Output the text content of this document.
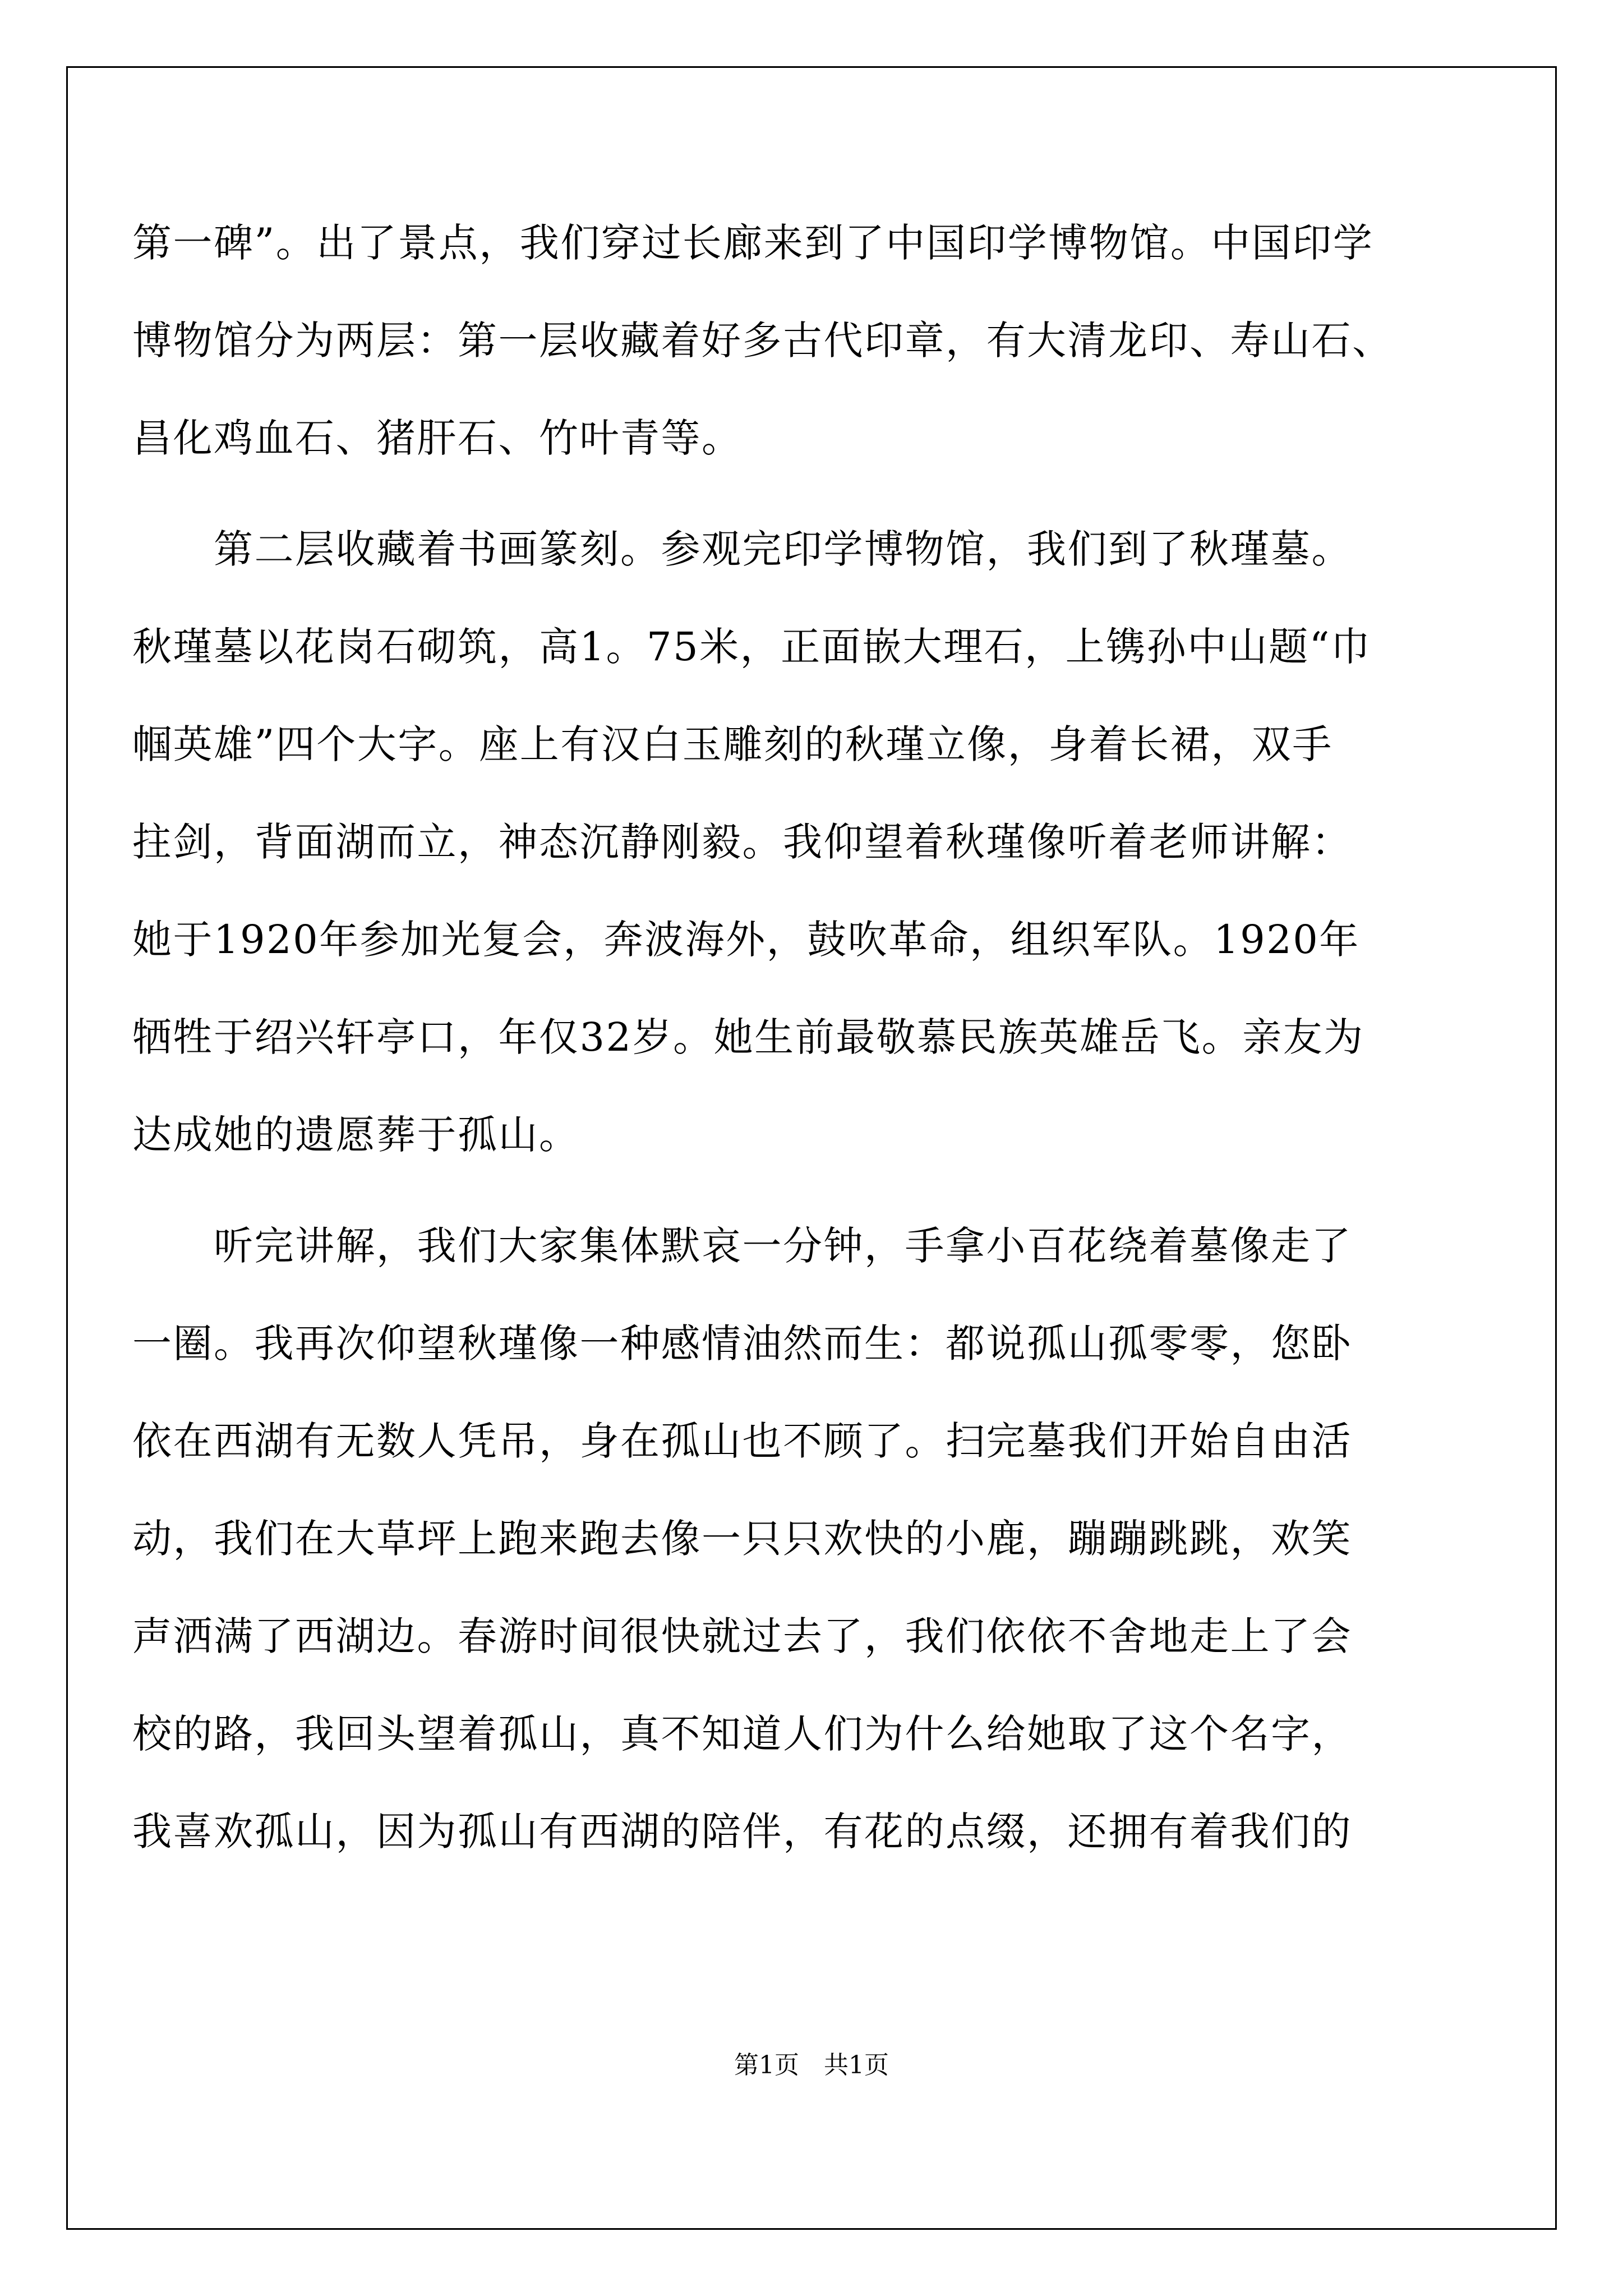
第一碑”。出了景点，我们穿过长廊来到了中国印学博物馆。中国印学
博物馆分为两层：第一层收藏着好多古代印章，有大清龙印、寿山石、
昌化鸡血石、猪肝石、竹叶青等。
　　第二层收藏着书画篆刻。参观完印学博物馆，我们到了秋瑾墓。
秋瑾墓以花岗石砌筑，高1。75米，正面嵌大理石，上镌孙中山题“巾
帼英雄”四个大字。座上有汉白玉雕刻的秋瑾立像，身着长裙，双手
拄剑，背面湖而立，神态沉静刚毅。我仰望着秋瑾像听着老师讲解：
她于1920年参加光复会，奔波海外，鼓吹革命，组织军队。1920年
牺牲于绍兴轩亭口，年仅32岁。她生前最敬慕民族英雄岳飞。亲友为
达成她的遗愿葬于孤山。
　　听完讲解，我们大家集体默哀一分钟，手拿小百花绕着墓像走了
一圈。我再次仰望秋瑾像一种感情油然而生：都说孤山孤零零，您卧
依在西湖有无数人凭吊，身在孤山也不顾了。扫完墓我们开始自由活
动，我们在大草坪上跑来跑去像一只只欢快的小鹿，蹦蹦跳跳，欢笑
声洒满了西湖边。春游时间很快就过去了，我们依依不舍地走上了会
校的路，我回头望着孤山，真不知道人们为什么给她取了这个名字，
我喜欢孤山，因为孤山有西湖的陪伴，有花的点缀，还拥有着我们的
第1页　共1页
